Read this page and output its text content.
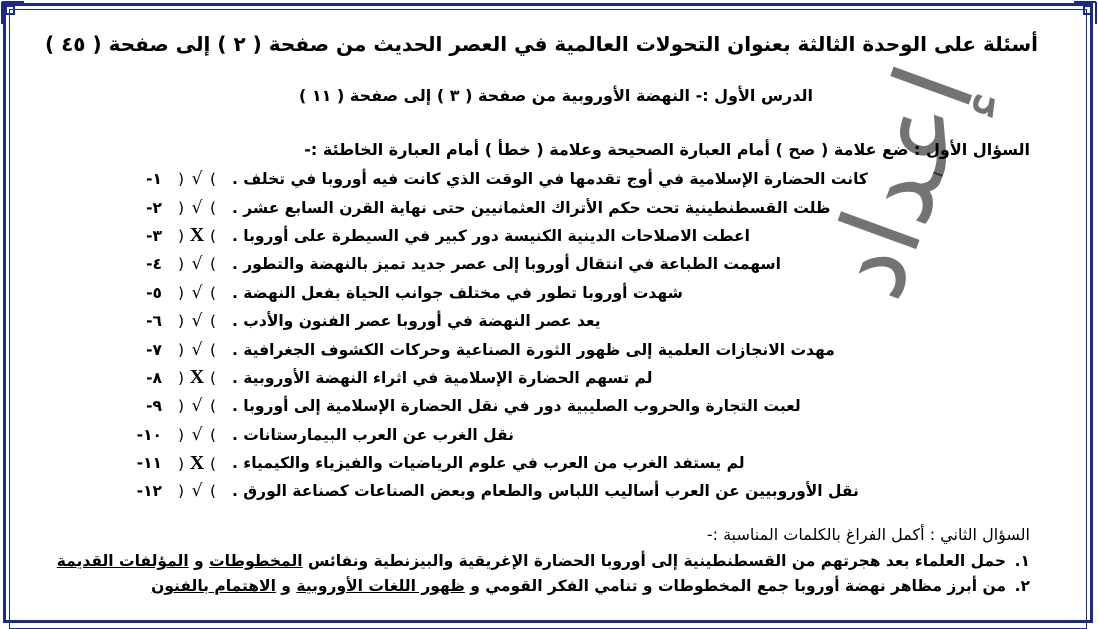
أسئلة على الوحدة الثالثة بعنوان التحولات العالمية في العصر الحديث من صفحة ( ٢ ) إلى صفحة ( ٤٥ )
الدرس الأول :- النهضة الأوروبية من صفحة ( ٣ ) إلى صفحة ( ١١ )
السؤال الأول : ضع علامة ( صح ) أمام العبارة الصحيحة وعلامة ( خطأ ) أمام العبارة الخاطئة :-
١-	)√(	كانت الحضارة الإسلامية في أوج تقدمها في الوقت الذي كانت فيه أوروبا في تخلف .
٢-	)√(	ظلت القسطنطينية تحت حكم الأتراك العثمانيين حتى نهاية القرن السابع عشر .
٣-	)X(	اعطت الاصلاحات الدينية الكنيسة دور كبير في السيطرة على أوروبا .
٤-	)√(	اسهمت الطباعة في انتقال أوروبا إلى عصر جديد تميز بالنهضة والتطور .
٥-	)√(	شهدت أوروبا تطور في مختلف جوانب الحياة بفعل النهضة .
٦-	)√(	يعد عصر النهضة في أوروبا عصر الفنون والأدب .
٧-	)√(	مهدت الانجازات العلمية إلى ظهور الثورة الصناعية وحركات الكشوف الجغرافية .
٨-	)X(	لم تسهم الحضارة الإسلامية في اثراء النهضة الأوروبية .
٩-	)√(	لعبت التجارة والحروب الصليبية دور في نقل الحضارة الإسلامية إلى أوروبا .
١٠-	)√(	نقل الغرب عن العرب البيمارستانات .
١١-	)X(	لم يستفد الغرب من العرب في علوم الرياضيات والفيزياء والكيمياء .
١٢-	)√(	نقل الأوروبيين عن العرب أساليب اللباس والطعام وبعض الصناعات كصناعة الورق .
السؤال الثاني : أكمل الفراغ بالكلمات المناسبة :-
١.حمل العلماء بعد هجرتهم من القسطنطينية إلى أوروبا الحضارة الإغريقية والبيزنطية ونفائس المخطوطات و المؤلفات القديمة
٢.من أبرز مظاهر نهضة أوروبا جمع المخطوطات و تنامي الفكر القومي و ظهور اللغات الأوروبية و الاهتمام بالفنون
إعداد
